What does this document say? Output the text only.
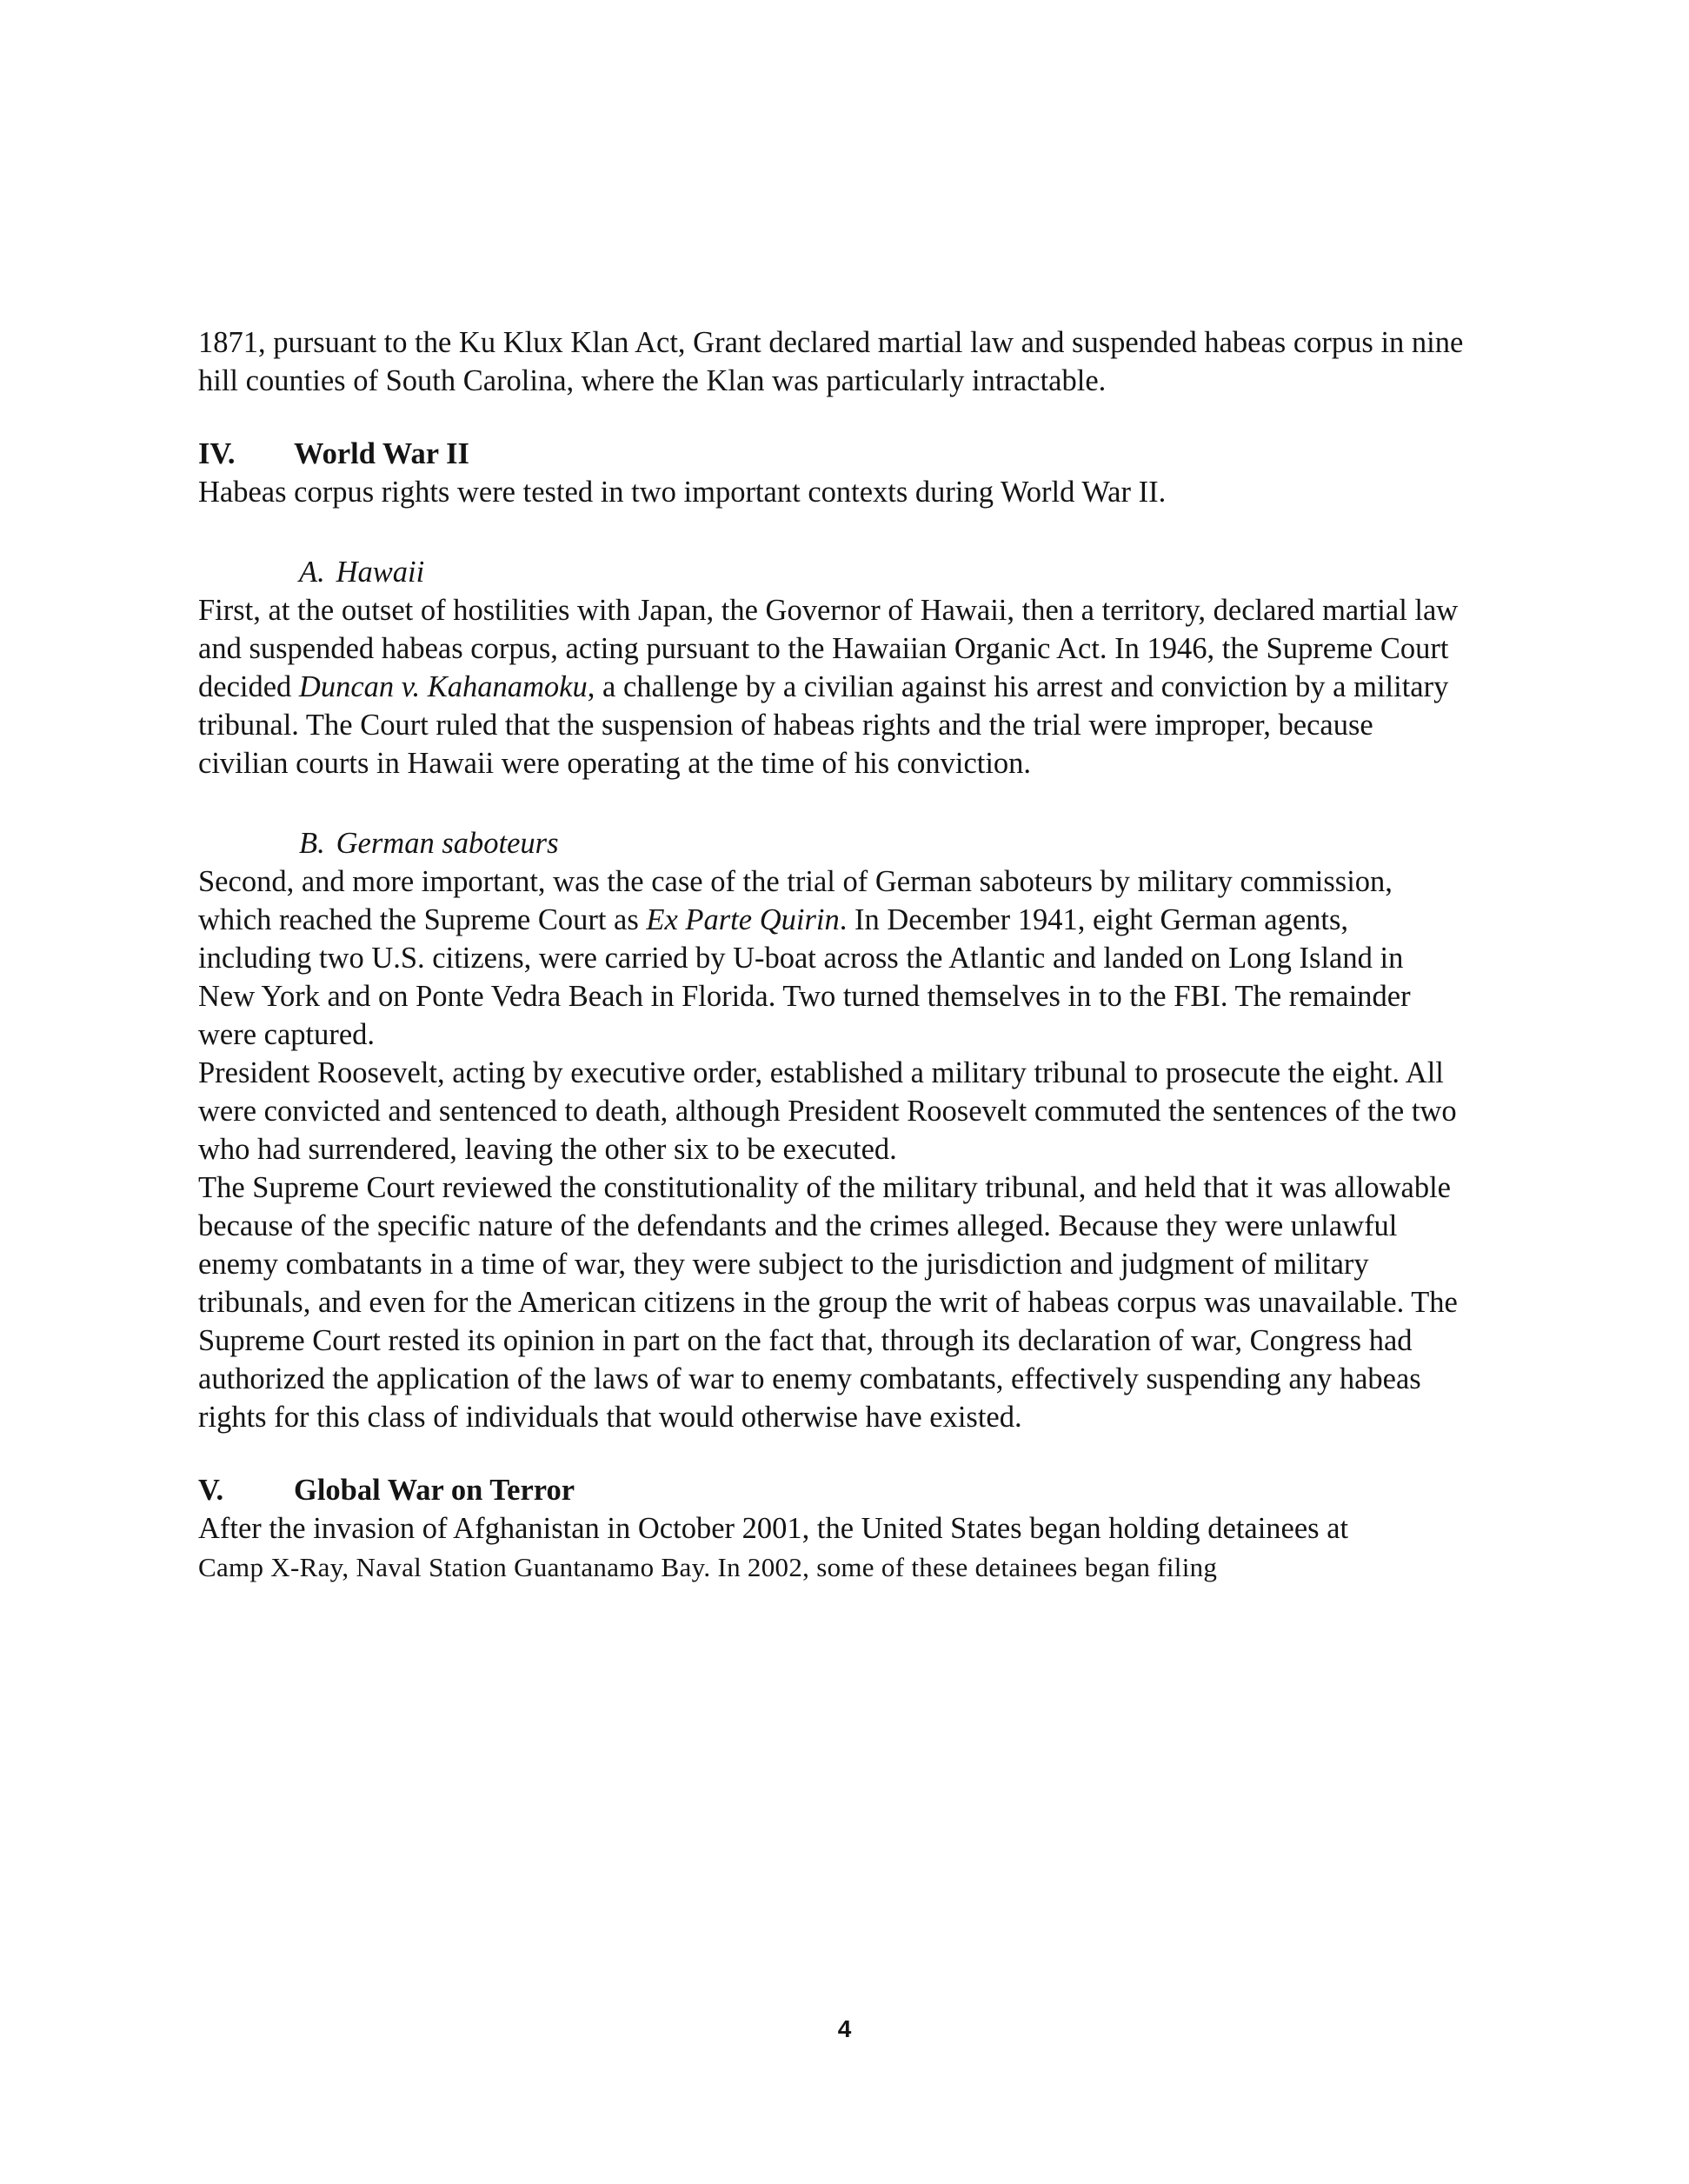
1871, pursuant to the Ku Klux Klan Act, Grant declared martial law and suspended habeas corpus in nine hill counties of South Carolina, where the Klan was particularly intractable.

IV.	World War II

Habeas corpus rights were tested in two important contexts during World War II.

A. Hawaii

First, at the outset of hostilities with Japan, the Governor of Hawaii, then a territory, declared martial law and suspended habeas corpus, acting pursuant to the Hawaiian Organic Act. In 1946, the Supreme Court decided Duncan v. Kahanamoku, a challenge by a civilian against his arrest and conviction by a military tribunal. The Court ruled that the suspension of habeas rights and the trial were improper, because civilian courts in Hawaii were operating at the time of his conviction.

B. German saboteurs

Second, and more important, was the case of the trial of German saboteurs by military commission, which reached the Supreme Court as Ex Parte Quirin. In December 1941, eight German agents, including two U.S. citizens, were carried by U-boat across the Atlantic and landed on Long Island in New York and on Ponte Vedra Beach in Florida. Two turned themselves in to the FBI. The remainder were captured.

President Roosevelt, acting by executive order, established a military tribunal to prosecute the eight. All were convicted and sentenced to death, although President Roosevelt commuted the sentences of the two who had surrendered, leaving the other six to be executed.

The Supreme Court reviewed the constitutionality of the military tribunal, and held that it was allowable because of the specific nature of the defendants and the crimes alleged. Because they were unlawful enemy combatants in a time of war, they were subject to the jurisdiction and judgment of military tribunals, and even for the American citizens in the group the writ of habeas corpus was unavailable. The Supreme Court rested its opinion in part on the fact that, through its declaration of war, Congress had authorized the application of the laws of war to enemy combatants, effectively suspending any habeas rights for this class of individuals that would otherwise have existed.

V.	Global War on Terror

After the invasion of Afghanistan in October 2001, the United States began holding detainees at
Camp X-Ray, Naval Station Guantanamo Bay. In 2002, some of these detainees began filing

4
